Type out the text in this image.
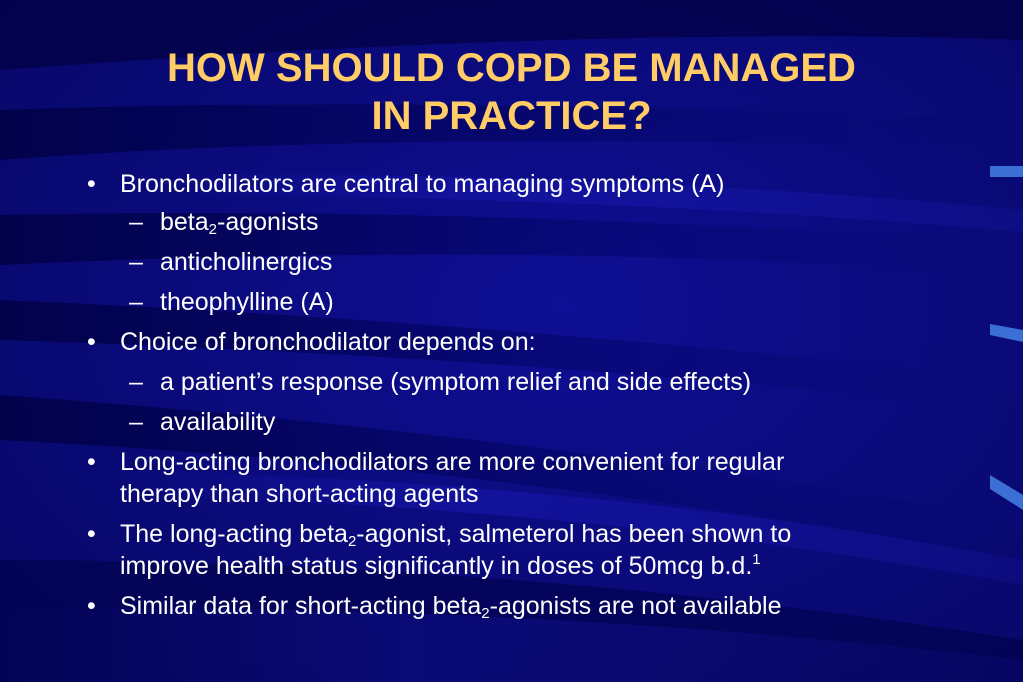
HOW SHOULD COPD BE MANAGED
IN PRACTICE?
• Bronchodilators are central to managing symptoms (A)
– beta$_2$-agonists
– anticholinergics
– theophylline (A)
• Choice of bronchodilator depends on:
– a patient’s response (symptom relief and side effects)
– availability
• Long-acting bronchodilators are more convenient for regular
therapy than short-acting agents
• The long-acting beta$_2$-agonist, salmeterol has been shown to
improve health status significantly in doses of 50mcg b.d.$^1$
• Similar data for short-acting beta$_2$-agonists are not available
